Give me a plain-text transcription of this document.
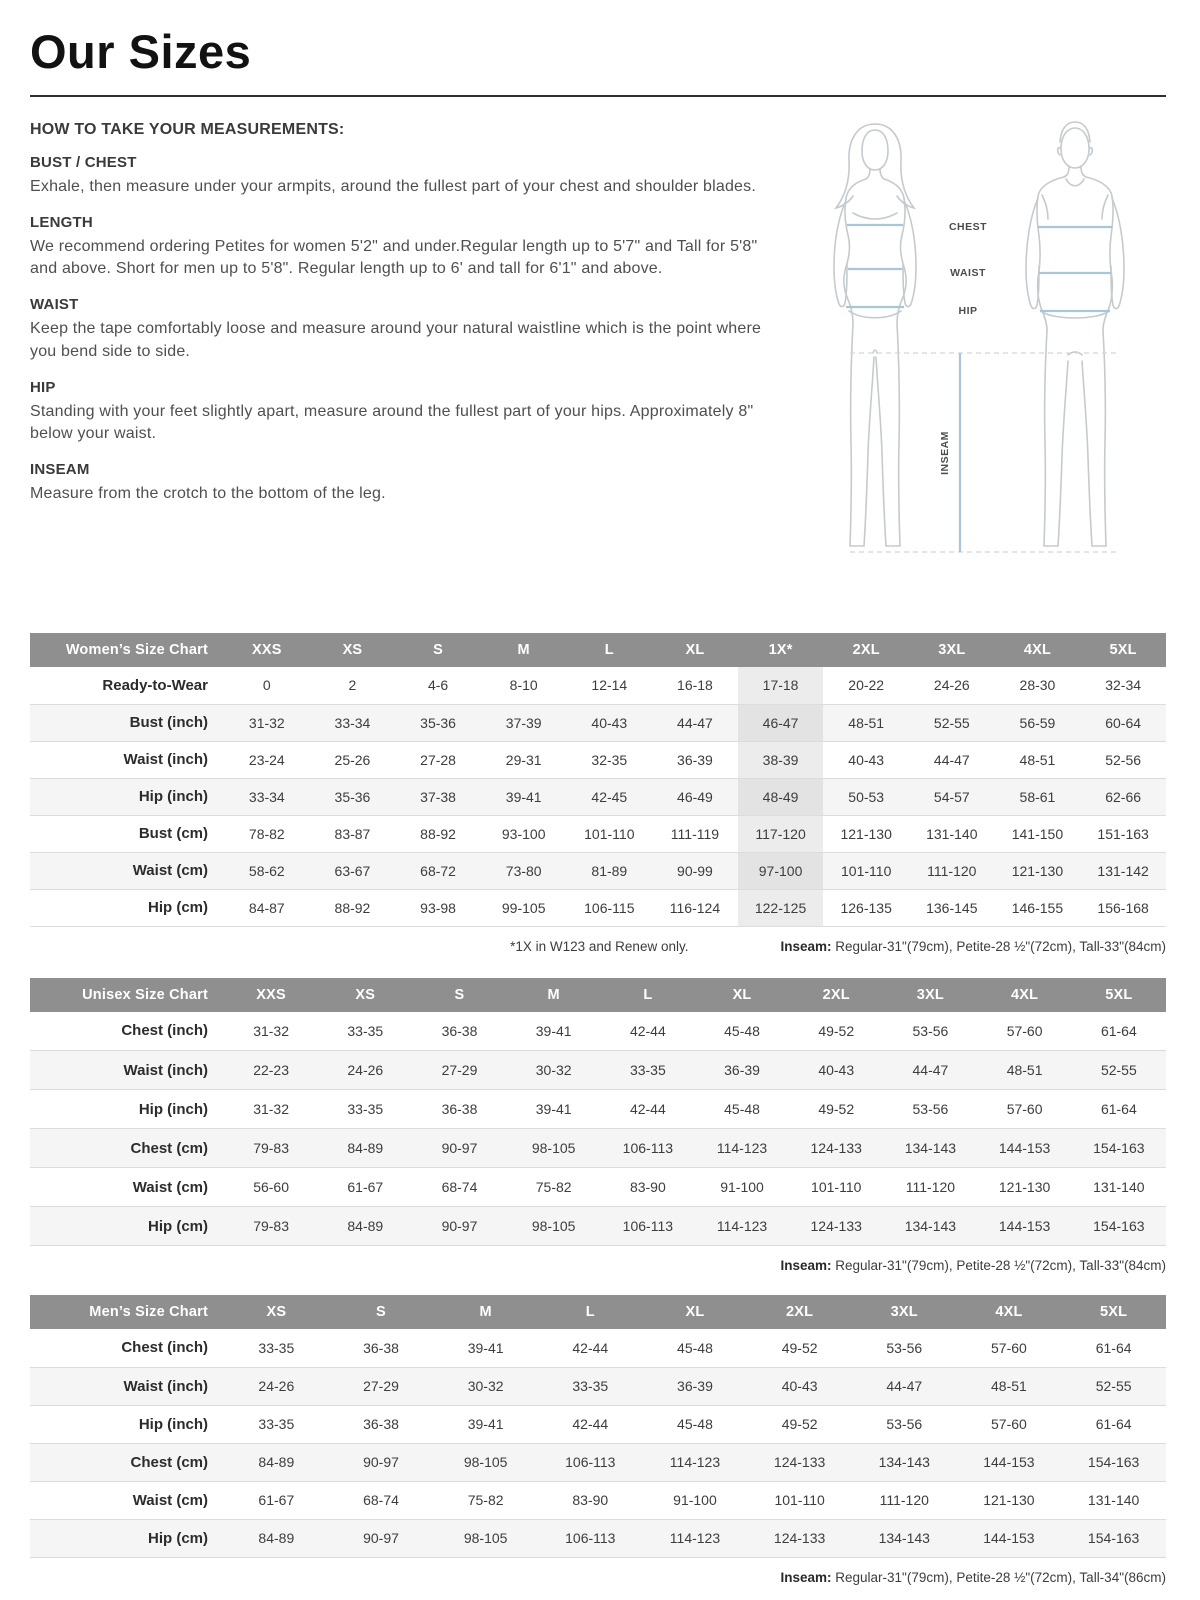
Our Sizes
HOW TO TAKE YOUR MEASUREMENTS:
BUST / CHEST

Exhale, then measure under your armpits, around the fullest part of your chest and shoulder blades.

LENGTH

We recommend ordering Petites for women 5'2" and under.Regular length up to 5'7" and Tall for 5'8" and above. Short for men up to 5'8". Regular length up to 6' and tall for 6'1" and above.

WAIST

Keep the tape comfortably loose and measure around your natural waistline which is the point where you bend side to side.

HIP

Standing with your feet slightly apart, measure around the fullest part of your hips. Approximately 8" below your waist.

INSEAM

Measure from the crotch to the bottom of the leg.

CHEST
WAIST
HIP
INSEAM
Women’s Size Chart	XXS	XS	S	M	L	XL	1X*	2XL	3XL	4XL	5XL
Ready-to-Wear	0	2	4-6	8-10	12-14	16-18	17-18	20-22	24-26	28-30	32-34
Bust (inch)	31-32	33-34	35-36	37-39	40-43	44-47	46-47	48-51	52-55	56-59	60-64
Waist (inch)	23-24	25-26	27-28	29-31	32-35	36-39	38-39	40-43	44-47	48-51	52-56
Hip (inch)	33-34	35-36	37-38	39-41	42-45	46-49	48-49	50-53	54-57	58-61	62-66
Bust (cm)	78-82	83-87	88-92	93-100	101-110	111-119	117-120	121-130	131-140	141-150	151-163
Waist (cm)	58-62	63-67	68-72	73-80	81-89	90-99	97-100	101-110	111-120	121-130	131-142
Hip (cm)	84-87	88-92	93-98	99-105	106-115	116-124	122-125	126-135	136-145	146-155	156-168
*1X in W123 and Renew only.	Inseam: Regular-31"(79cm), Petite-28 ½"(72cm), Tall-33"(84cm)
Unisex Size Chart	XXS	XS	S	M	L	XL	2XL	3XL	4XL	5XL
Chest (inch)	31-32	33-35	36-38	39-41	42-44	45-48	49-52	53-56	57-60	61-64
Waist (inch)	22-23	24-26	27-29	30-32	33-35	36-39	40-43	44-47	48-51	52-55
Hip (inch)	31-32	33-35	36-38	39-41	42-44	45-48	49-52	53-56	57-60	61-64
Chest (cm)	79-83	84-89	90-97	98-105	106-113	114-123	124-133	134-143	144-153	154-163
Waist (cm)	56-60	61-67	68-74	75-82	83-90	91-100	101-110	111-120	121-130	131-140
Hip (cm)	79-83	84-89	90-97	98-105	106-113	114-123	124-133	134-143	144-153	154-163
Inseam: Regular-31"(79cm), Petite-28 ½"(72cm), Tall-33"(84cm)
Men’s Size Chart	XS	S	M	L	XL	2XL	3XL	4XL	5XL
Chest (inch)	33-35	36-38	39-41	42-44	45-48	49-52	53-56	57-60	61-64
Waist (inch)	24-26	27-29	30-32	33-35	36-39	40-43	44-47	48-51	52-55
Hip (inch)	33-35	36-38	39-41	42-44	45-48	49-52	53-56	57-60	61-64
Chest (cm)	84-89	90-97	98-105	106-113	114-123	124-133	134-143	144-153	154-163
Waist (cm)	61-67	68-74	75-82	83-90	91-100	101-110	111-120	121-130	131-140
Hip (cm)	84-89	90-97	98-105	106-113	114-123	124-133	134-143	144-153	154-163
Inseam: Regular-31"(79cm), Petite-28 ½"(72cm), Tall-34"(86cm)
